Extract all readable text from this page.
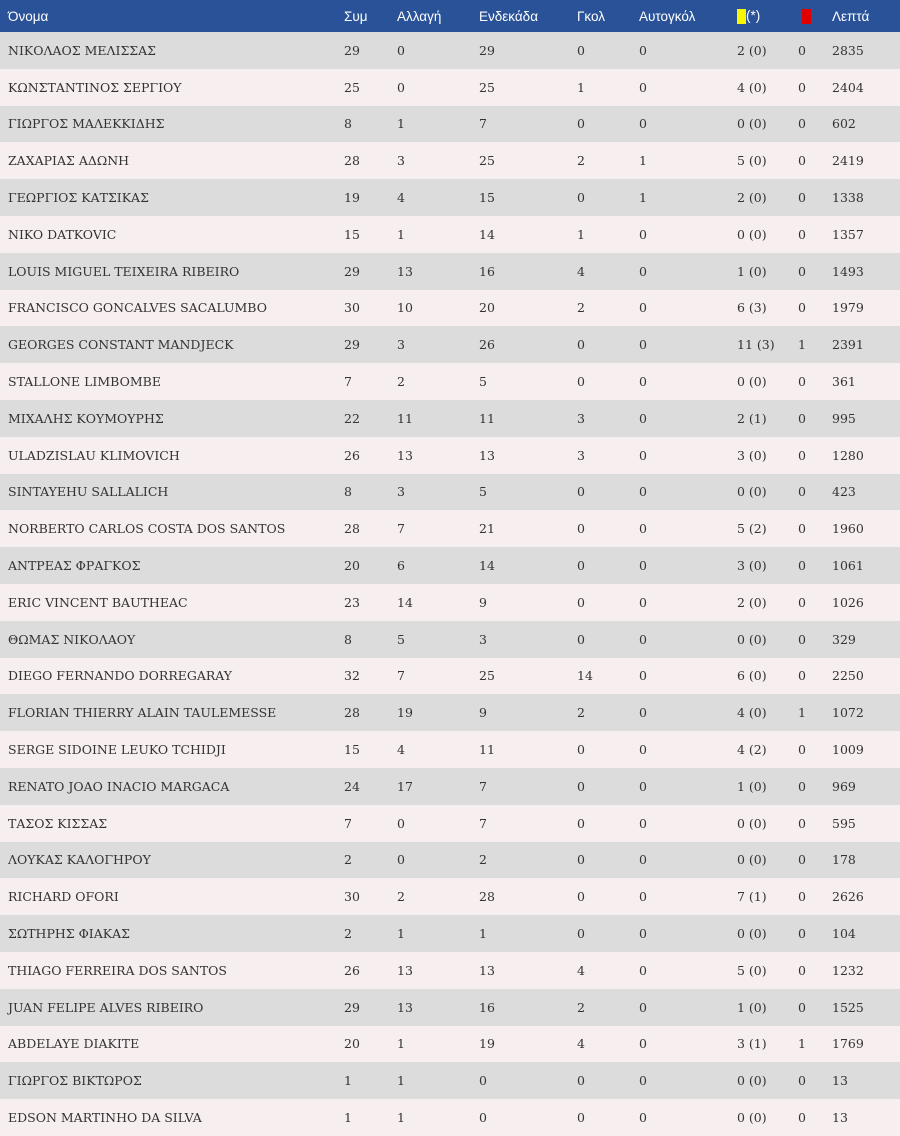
Όνομα	Συμ	Αλλαγή	Ενδεκάδα	Γκολ	Αυτογκόλ	(*)		Λεπτά
ΝΙΚΟΛΑΟΣ ΜΕΛΙΣΣΑΣ	29	0	29	0	0	2 (0)	0	2835
ΚΩΝΣΤΑΝΤΙΝΟΣ ΣΕΡΓΙΟΥ	25	0	25	1	0	4 (0)	0	2404
ΓΙΩΡΓΟΣ ΜΑΛΕΚΚΙΔΗΣ	8	1	7	0	0	0 (0)	0	602
ΖΑΧΑΡΙΑΣ ΑΔΩΝΗ	28	3	25	2	1	5 (0)	0	2419
ΓΕΩΡΓΙΟΣ ΚΑΤΣΙΚΑΣ	19	4	15	0	1	2 (0)	0	1338
NIKO DATKOVIC	15	1	14	1	0	0 (0)	0	1357
LOUIS MIGUEL TEIXEIRA RIBEIRO	29	13	16	4	0	1 (0)	0	1493
FRANCISCO GONCALVES SACALUMBO	30	10	20	2	0	6 (3)	0	1979
GEORGES CONSTANT MANDJECK	29	3	26	0	0	11 (3)	1	2391
STALLONE LIMBOMBE	7	2	5	0	0	0 (0)	0	361
ΜΙΧΑΛΗΣ ΚΟΥΜΟΥΡΗΣ	22	11	11	3	0	2 (1)	0	995
ULADZISLAU KLIMOVICH	26	13	13	3	0	3 (0)	0	1280
SINTAYEHU SALLALICH	8	3	5	0	0	0 (0)	0	423
NORBERTO CARLOS COSTA DOS SANTOS	28	7	21	0	0	5 (2)	0	1960
ΑΝΤΡΕΑΣ ΦΡΑΓΚΟΣ	20	6	14	0	0	3 (0)	0	1061
ERIC VINCENT BAUTHEAC	23	14	9	0	0	2 (0)	0	1026
ΘΩΜΑΣ ΝΙΚΟΛΑΟΥ	8	5	3	0	0	0 (0)	0	329
DIEGO FERNANDO DORREGARAY	32	7	25	14	0	6 (0)	0	2250
FLORIAN THIERRY ALAIN TAULEMESSE	28	19	9	2	0	4 (0)	1	1072
SERGE SIDOINE LEUKO TCHIDJI	15	4	11	0	0	4 (2)	0	1009
RENATO JOAO INACIO MARGACA	24	17	7	0	0	1 (0)	0	969
ΤΑΣΟΣ ΚΙΣΣΑΣ	7	0	7	0	0	0 (0)	0	595
ΛΟΥΚΑΣ ΚΑΛΟΓΗΡΟΥ	2	0	2	0	0	0 (0)	0	178
RICHARD OFORI	30	2	28	0	0	7 (1)	0	2626
ΣΩΤΗΡΗΣ ΦΙΑΚΑΣ	2	1	1	0	0	0 (0)	0	104
THIAGO FERREIRA DOS SANTOS	26	13	13	4	0	5 (0)	0	1232
JUAN FELIPE ALVES RIBEIRO	29	13	16	2	0	1 (0)	0	1525
ABDELAYE DIAKITE	20	1	19	4	0	3 (1)	1	1769
ΓΙΩΡΓΟΣ ΒΙΚΤΩΡΟΣ	1	1	0	0	0	0 (0)	0	13
EDSON MARTINHO DA SILVA	1	1	0	0	0	0 (0)	0	13
